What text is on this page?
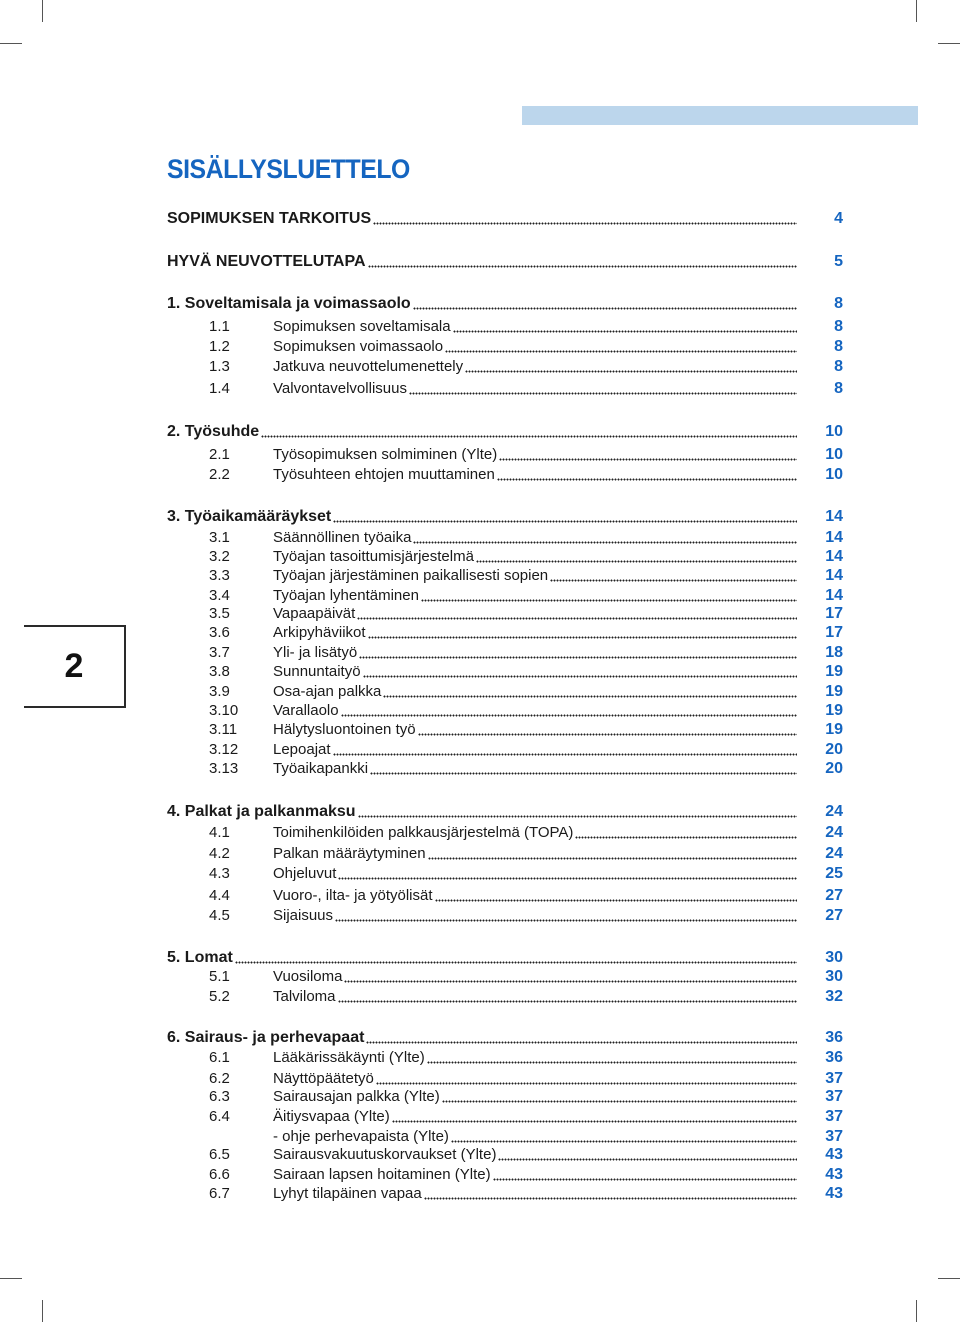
SISÄLLYSLUETTELO
2
SOPIMUKSEN TARKOITUS	4
HYVÄ NEUVOTTELUTAPA	5
1. Soveltamisala ja voimassaolo	8
1.1	Sopimuksen soveltamisala	8
1.2	Sopimuksen voimassaolo	8
1.3	Jatkuva neuvottelumenettely	8
1.4	Valvontavelvollisuus	8
2. Työsuhde	10
2.1	Työsopimuksen solmiminen (Ylte)	10
2.2	Työsuhteen ehtojen muuttaminen	10
3. Työaikamääräykset	14
3.1	Säännöllinen työaika	14
3.2	Työajan tasoittumisjärjestelmä	14
3.3	Työajan järjestäminen paikallisesti sopien	14
3.4	Työajan lyhentäminen	14
3.5	Vapaapäivät	17
3.6	Arkipyhäviikot	17
3.7	Yli- ja lisätyö	18
3.8	Sunnuntaityö	19
3.9	Osa-ajan palkka	19
3.10	Varallaolo	19
3.11	Hälytysluontoinen työ	19
3.12	Lepoajat	20
3.13	Työaikapankki	20
4. Palkat ja palkanmaksu	24
4.1	Toimihenkilöiden palkkausjärjestelmä (TOPA)	24
4.2	Palkan määräytyminen	24
4.3	Ohjeluvut	25
4.4	Vuoro-, ilta- ja yötyölisät	27
4.5	Sijaisuus	27
5. Lomat	30
5.1	Vuosiloma	30
5.2	Talviloma	32
6. Sairaus- ja perhevapaat	36
6.1	Lääkärissäkäynti (Ylte)	36
6.2	Näyttöpäätetyö	37
6.3	Sairausajan palkka (Ylte)	37
6.4	Äitiysvapaa (Ylte)	37
- ohje perhevapaista (Ylte)	37
6.5	Sairausvakuutuskorvaukset (Ylte)	43
6.6	Sairaan lapsen hoitaminen (Ylte)	43
6.7	Lyhyt tilapäinen vapaa	43
